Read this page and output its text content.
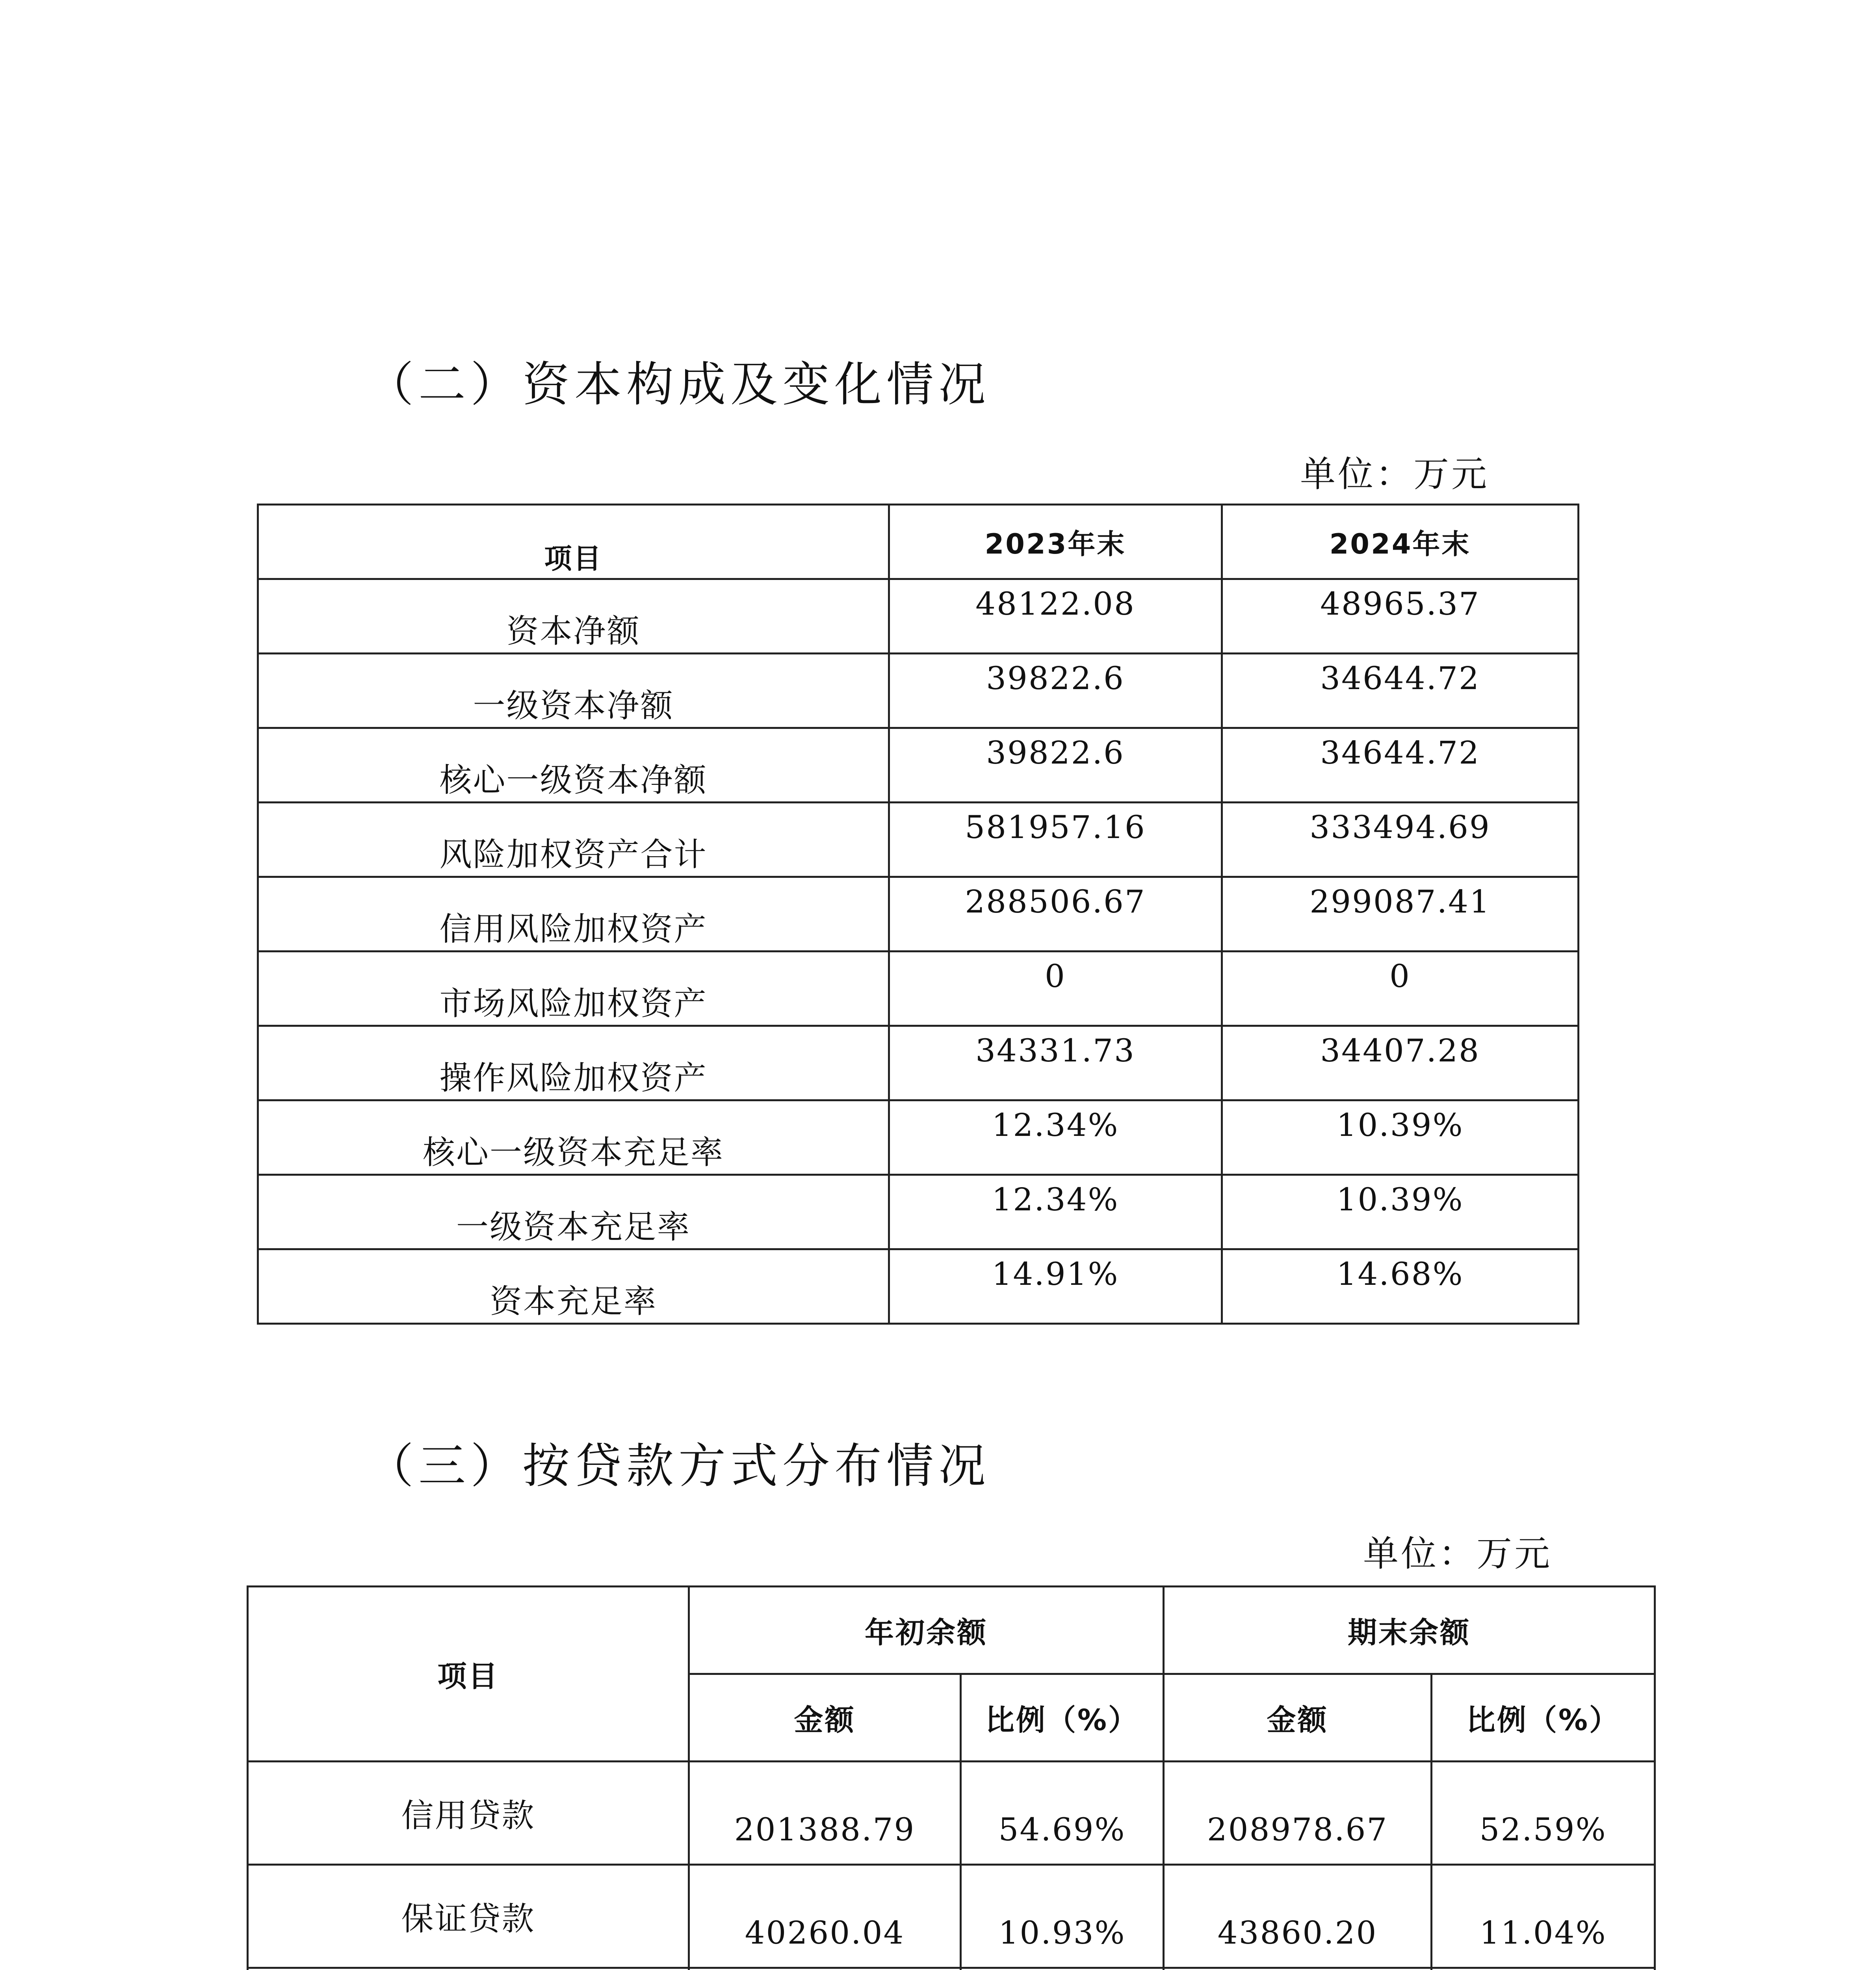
（二）资本构成及变化情况
单位：万元
项目	2023年末	2024年末
资本净额	48122.08	48965.37
一级资本净额	39822.6	34644.72
核心一级资本净额	39822.6	34644.72
风险加权资产合计	581957.16	333494.69
信用风险加权资产	288506.67	299087.41
市场风险加权资产	0	0
操作风险加权资产	34331.73	34407.28
核心一级资本充足率	12.34%	10.39%
一级资本充足率	12.34%	10.39%
资本充足率	14.91%	14.68%
（三）按贷款方式分布情况
单位：万元
项目	年初余额		期末余额	
	金额	比例（%）	金额	比例（%）
信用贷款	201388.79	54.69%	208978.67	52.59%
保证贷款	40260.04	10.93%	43860.20	11.04%
